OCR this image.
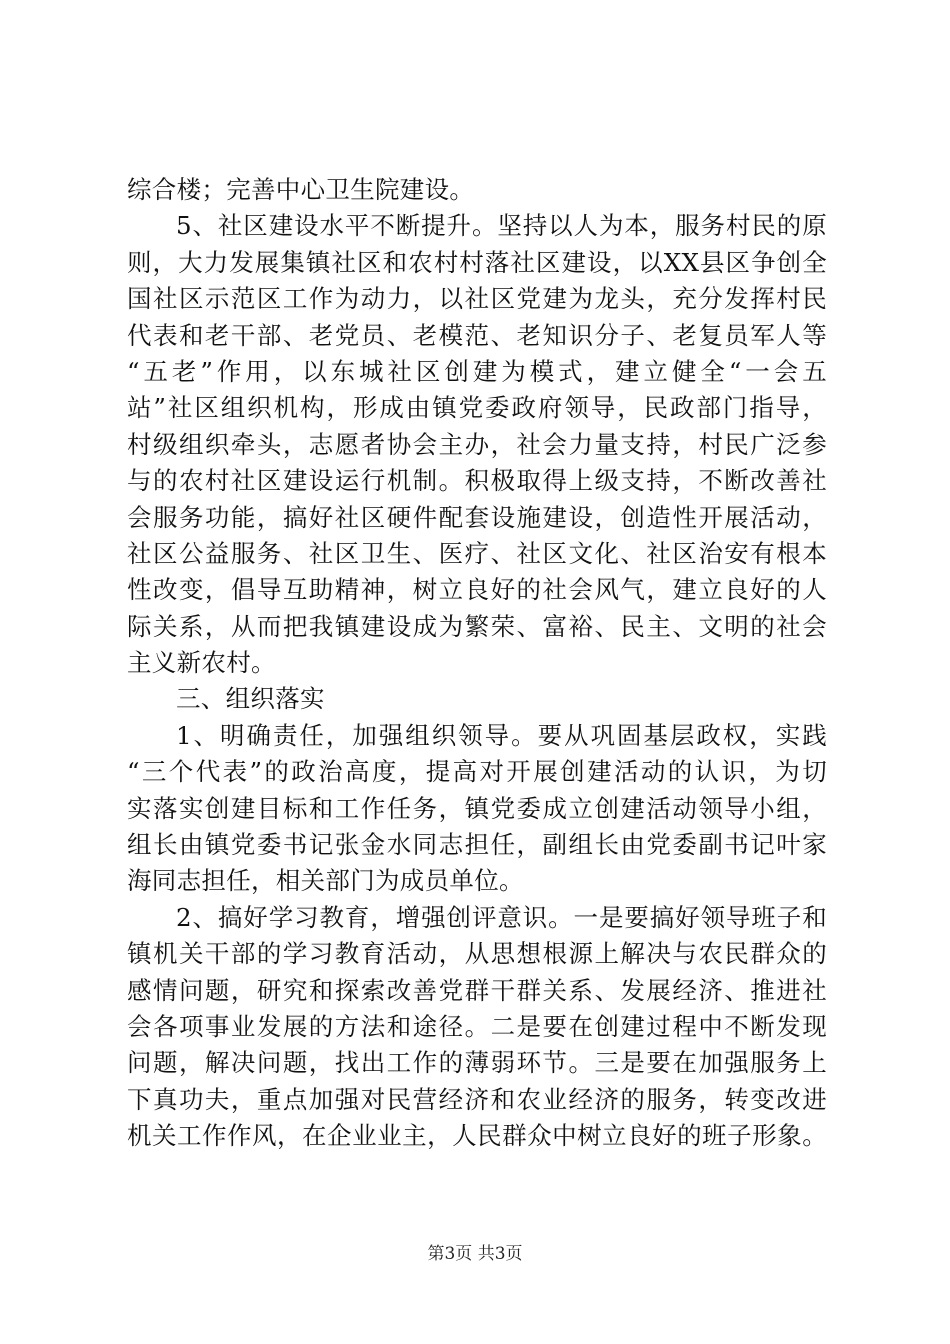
综合楼；完善中心卫生院建设。
5、社区建设水平不断提升。坚持以人为本，服务村民的原
则，大力发展集镇社区和农村村落社区建设，以XX县区争创全
国社区示范区工作为动力，以社区党建为龙头，充分发挥村民
代表和老干部、老党员、老模范、老知识分子、老复员军人等
“五老”作用，以东城社区创建为模式，建立健全“一会五
站”社区组织机构，形成由镇党委政府领导，民政部门指导，
村级组织牵头，志愿者协会主办，社会力量支持，村民广泛参
与的农村社区建设运行机制。积极取得上级支持，不断改善社
会服务功能，搞好社区硬件配套设施建设，创造性开展活动，
社区公益服务、社区卫生、医疗、社区文化、社区治安有根本
性改变，倡导互助精神，树立良好的社会风气，建立良好的人
际关系，从而把我镇建设成为繁荣、富裕、民主、文明的社会
主义新农村。
三、组织落实
1、明确责任，加强组织领导。要从巩固基层政权，实践
“三个代表”的政治高度，提高对开展创建活动的认识，为切
实落实创建目标和工作任务，镇党委成立创建活动领导小组，
组长由镇党委书记张金水同志担任，副组长由党委副书记叶家
海同志担任，相关部门为成员单位。
2、搞好学习教育，增强创评意识。一是要搞好领导班子和
镇机关干部的学习教育活动，从思想根源上解决与农民群众的
感情问题，研究和探索改善党群干群关系、发展经济、推进社
会各项事业发展的方法和途径。二是要在创建过程中不断发现
问题，解决问题，找出工作的薄弱环节。三是要在加强服务上
下真功夫，重点加强对民营经济和农业经济的服务，转变改进
机关工作作风，在企业业主，人民群众中树立良好的班子形象。
第3页 共3页
